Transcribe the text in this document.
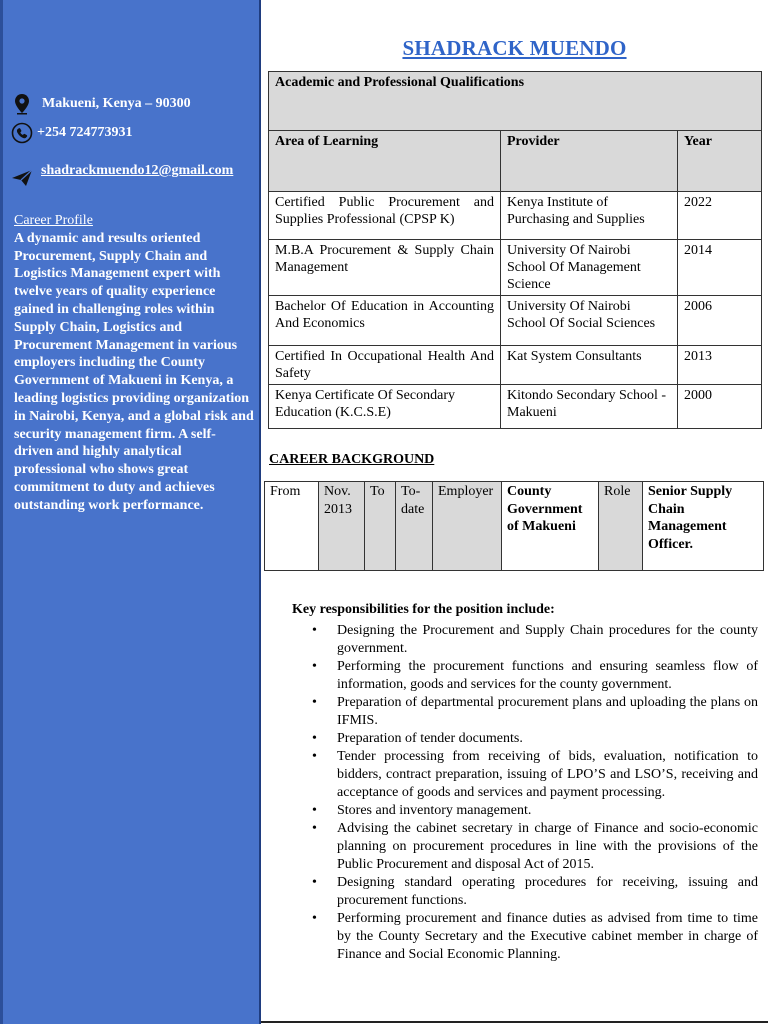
Makueni, Kenya – 90300
+254 724773931
shadrackmuendo12@gmail.com
Career Profile
A dynamic and results oriented Procurement, Supply Chain and Logistics Management expert with twelve years of quality experience gained in challenging roles within Supply Chain, Logistics and Procurement Management in various employers including the County Government of Makueni in Kenya, a leading logistics providing organization in Nairobi, Kenya, and a global risk and security management firm. A self-driven and highly analytical professional who shows great commitment to duty and achieves outstanding work performance.
SHADRACK MUENDO
Academic and Professional Qualifications		
Area of Learning	Provider	Year
Certified Public Procurement and Supplies Professional (CPSP K)	Kenya Institute of Purchasing and Supplies	2022
M.B.A Procurement & Supply Chain Management	University Of Nairobi School Of Management Science	2014
Bachelor Of Education in Accounting And Economics	University Of Nairobi School Of Social Sciences	2006
Certified In Occupational Health And Safety	Kat System Consultants	2013
Kenya Certificate Of Secondary Education (K.C.S.E)	Kitondo Secondary School - Makueni	2000
CAREER BACKGROUND
From	Nov. 2013	To	To-date	Employer	County Government of Makueni	Role	Senior Supply Chain Management Officer.
Key responsibilities for the position include:
• Designing the Procurement and Supply Chain procedures for the county government.
• Performing the procurement functions and ensuring seamless flow of information, goods and services for the county government.
• Preparation of departmental procurement plans and uploading the plans on IFMIS.
• Preparation of tender documents.
• Tender processing from receiving of bids, evaluation, notification to bidders, contract preparation, issuing of LPO’S and LSO’S, receiving and acceptance of goods and services and payment processing.
• Stores and inventory management.
• Advising the cabinet secretary in charge of Finance and socio-economic planning on procurement procedures in line with the provisions of the Public Procurement and disposal Act of 2015.
• Designing standard operating procedures for receiving, issuing and procurement functions.
• Performing procurement and finance duties as advised from time to time by the County Secretary and the Executive cabinet member in charge of Finance and Social Economic Planning.
